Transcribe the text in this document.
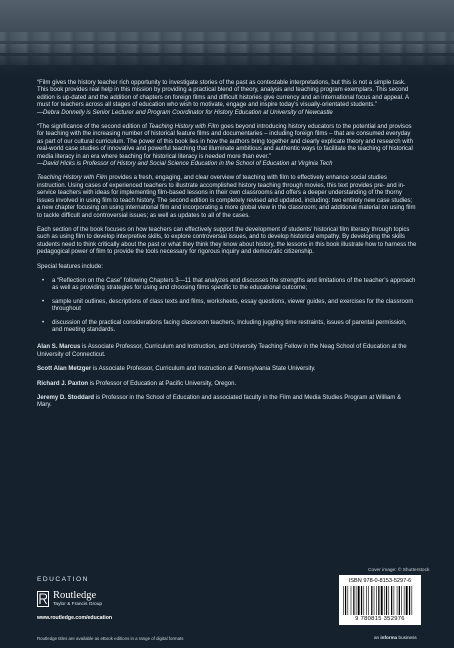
“Film gives the history teacher rich opportunity to investigate stories of the past as contestable interpretations, but this is not a simple task. This book provides real help in this mission by providing a practical blend of theory, analysis and teaching program exemplars. This second edition is up-dated and the addition of chapters on foreign films and difficult histories give currency and an international focus and appeal. A must for teachers across all stages of education who wish to motivate, engage and inspire today’s visually-orientated students.”
—Debra Donnelly is Senior Lecturer and Program Coordinator for History Education at University of Newcastle

“The significance of the second edition of Teaching History with Film goes beyond introducing history educators to the potential and provisos for teaching with the increasing number of historical feature films and documentaries – including foreign films – that are consumed everyday as part of our cultural curriculum. The power of this book lies in how the authors bring together and clearly explicate theory and research with real-world case studies of innovative and powerful teaching that illuminate ambitious and authentic ways to facilitate the teaching of historical media literacy in an era where teaching for historical literacy is needed more than ever.”
—David Hicks is Professor of History and Social Science Education in the School of Education at Virginia Tech

Teaching History with Film provides a fresh, engaging, and clear overview of teaching with film to effectively enhance social studies instruction. Using cases of experienced teachers to illustrate accomplished history teaching through movies, this text provides pre- and in-service teachers with ideas for implementing film-based lessons in their own classrooms and offers a deeper understanding of the thorny issues involved in using film to teach history. The second edition is completely revised and updated, including: two entirely new case studies; a new chapter focusing on using international film and incorporating a more global view in the classroom; and additional material on using film to tackle difficult and controversial issues; as well as updates to all of the cases.

Each section of the book focuses on how teachers can effectively support the development of students’ historical film literacy through topics such as using film to develop interpretive skills, to explore controversial issues, and to develop historical empathy. By developing the skills students need to think critically about the past or what they think they know about history, the lessons in this book illustrate how to harness the pedagogical power of film to provide the tools necessary for rigorous inquiry and democratic citizenship.

Special features include:

• a “Reflection on the Case” following Chapters 3—11 that analyzes and discusses the strengths and limitations of the teacher’s approach as well as providing strategies for using and choosing films specific to the educational outcome;
• sample unit outlines, descriptions of class texts and films, worksheets, essay questions, viewer guides, and exercises for the classroom throughout
• discussion of the practical considerations facing classroom teachers, including juggling time restraints, issues of parental permission, and meeting standards.

Alan S. Marcus is Associate Professor, Curriculum and Instruction, and University Teaching Fellow in the Neag School of Education at the University of Connecticut.

Scott Alan Metzger is Associate Professor, Curriculum and Instruction at Pennsylvania State University.

Richard J. Paxton is Professor of Education at Pacific University, Oregon.

Jeremy D. Stoddard is Professor in the School of Education and associated faculty in the Film and Media Studies Program at William & Mary.

EDUCATION
Routledge
Taylor & Francis Group
www.routledge.com/education
Routledge titles are available as eBook editions in a range of digital formats
Cover image: © Shutterstock
ISBN 978-0-8153-5297-6
9 780815 352976
an informa business
